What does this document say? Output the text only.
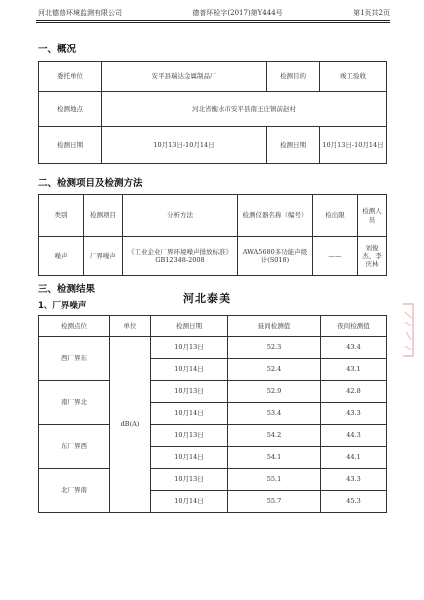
河北德普环境监测有限公司	德普环检字(2017)第Y444号	第1页共2页
一、概况
委托单位	安平县瑞达金属制品厂	检测目的	竣工验收
检测地点	河北省衡水市安平县南王庄镇前赵村		
检测日期	10月13日-10月14日	检测日期	10月13日-10月14日
二、检测项目及检测方法
类别	检测项目	分析方法	检测仪器名称（编号）	检出限	检测人员
噪声	厂界噪声	《工业企业厂界环境噪声排放标准》GB12348-2008	AWA5680多功能声级计(S018)	——	刘俊杰、李庆林
三、检测结果
1、厂界噪声
河北泰美
检测点位	单位	检测日期	昼间检测值	夜间检测值
西厂界东	dB(A)	10月13日	52.3	43.4
		10月14日	52.4	43.1
南厂界北		10月13日	52.9	42.8
		10月14日	53.4	43.3
东厂界西		10月13日	54.2	44.3
		10月14日	54.1	44.1
北厂界南		10月13日	55.1	43.3
		10月14日	55.7	45.3
